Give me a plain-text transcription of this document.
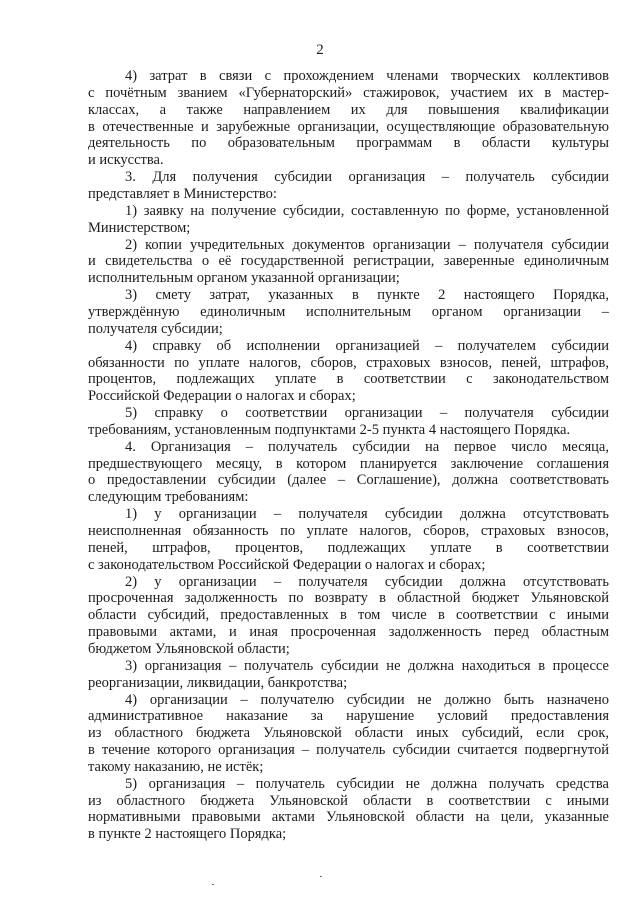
2
4) затрат в связи с прохождением членами творческих коллективов
с почётным званием «Губернаторский» стажировок, участием их в мастер-
классах, а также направлением их для повышения квалификации
в отечественные и зарубежные организации, осуществляющие образовательную
деятельность по образовательным программам в области культуры
и искусства.
3. Для получения субсидии организация – получатель субсидии
представляет в Министерство:
1) заявку на получение субсидии, составленную по форме, установленной
Министерством;
2) копии учредительных документов организации – получателя субсидии
и свидетельства о её государственной регистрации, заверенные единоличным
исполнительным органом указанной организации;
3) смету затрат, указанных в пункте 2 настоящего Порядка,
утверждённую единоличным исполнительным органом организации –
получателя субсидии;
4) справку об исполнении организацией – получателем субсидии
обязанности по уплате налогов, сборов, страховых взносов, пеней, штрафов,
процентов, подлежащих уплате в соответствии с законодательством
Российской Федерации о налогах и сборах;
5) справку о соответствии организации – получателя субсидии
требованиям, установленным подпунктами 2-5 пункта 4 настоящего Порядка.
4. Организация – получатель субсидии на первое число месяца,
предшествующего месяцу, в котором планируется заключение соглашения
о предоставлении субсидии (далее – Соглашение), должна соответствовать
следующим требованиям:
1) у организации – получателя субсидии должна отсутствовать
неисполненная обязанность по уплате налогов, сборов, страховых взносов,
пеней, штрафов, процентов, подлежащих уплате в соответствии
с законодательством Российской Федерации о налогах и сборах;
2) у организации – получателя субсидии должна отсутствовать
просроченная задолженность по возврату в областной бюджет Ульяновской
области субсидий, предоставленных в том числе в соответствии с иными
правовыми актами, и иная просроченная задолженность перед областным
бюджетом Ульяновской области;
3) организация – получатель субсидии не должна находиться в процессе
реорганизации, ликвидации, банкротства;
4) организации – получателю субсидии не должно быть назначено
административное наказание за нарушение условий предоставления
из областного бюджета Ульяновской области иных субсидий, если срок,
в течение которого организация – получатель субсидии считается подвергнутой
такому наказанию, не истёк;
5) организация – получатель субсидии не должна получать средства
из областного бюджета Ульяновской области в соответствии с иными
нормативными правовыми актами Ульяновской области на цели, указанные
в пункте 2 настоящего Порядка;
